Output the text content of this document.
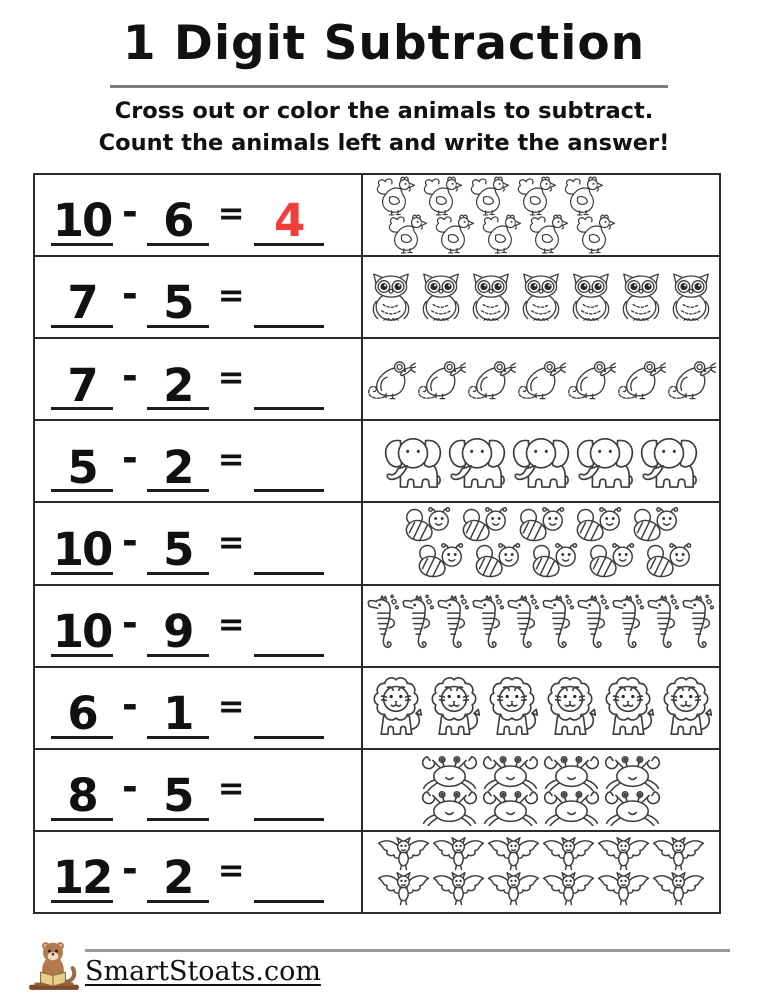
1 Digit Subtraction
Cross out or color the animals to subtract.
Count the animals left and write the answer!
10 - 6 = 4
7 - 5 =
7 - 2 =
5 - 2 =
10 - 5 =
10 - 9 =
6 - 1 =
8 - 5 =
12 - 2 =
SmartStoats.com
